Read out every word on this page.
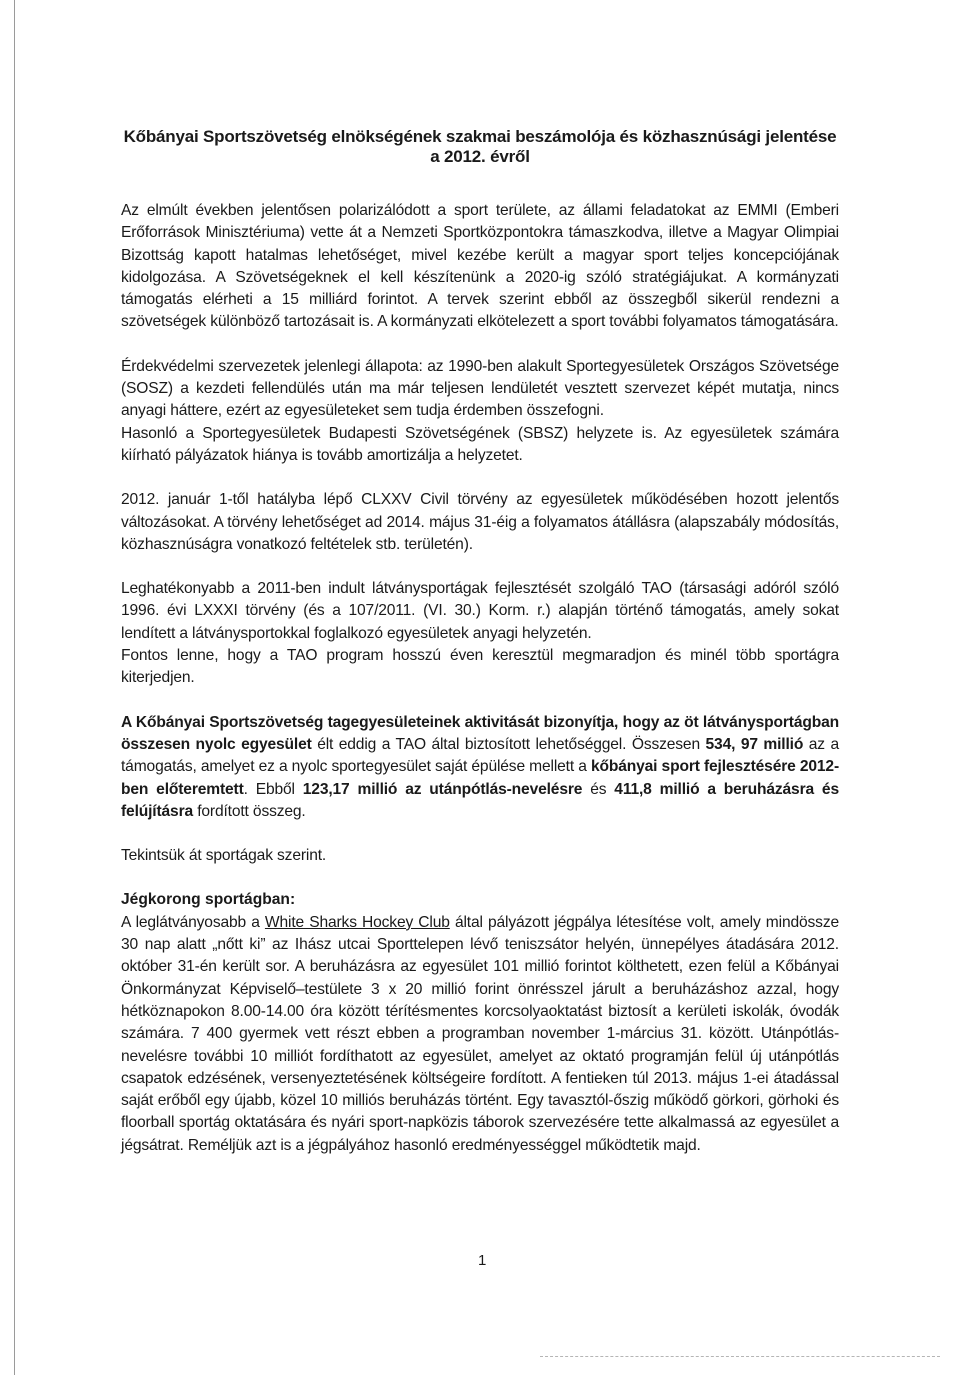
Kőbányai Sportszövetség elnökségének szakmai beszámolója és közhasznúsági jelentése a 2012. évről

Az elmúlt években jelentősen polarizálódott a sport területe, az állami feladatokat az EMMI (Emberi Erőforrások Minisztériuma) vette át a Nemzeti Sportközpontokra támaszkodva, illetve a Magyar Olimpiai Bizottság kapott hatalmas lehetőséget, mivel kezébe került a magyar sport teljes koncepciójának kidolgozása. A Szövetségeknek el kell készítenünk a 2020-ig szóló stratégiájukat. A kormányzati támogatás elérheti a 15 milliárd forintot. A tervek szerint ebből az összegből sikerül rendezni a szövetségek különböző tartozásait is. A kormányzati elkötelezett a sport további folyamatos támogatására.

Érdekvédelmi szervezetek jelenlegi állapota: az 1990-ben alakult Sportegyesületek Országos Szövetsége (SOSZ) a kezdeti fellendülés után ma már teljesen lendületét vesztett szervezet képét mutatja, nincs anyagi háttere, ezért az egyesületeket sem tudja érdemben összefogni.

Hasonló a Sportegyesületek Budapesti Szövetségének (SBSZ) helyzete is. Az egyesületek számára kiírható pályázatok hiánya is tovább amortizálja a helyzetet.

2012. január 1-től hatályba lépő CLXXV Civil törvény az egyesületek működésében hozott jelentős változásokat. A törvény lehetőséget ad 2014. május 31-éig a folyamatos átállásra (alapszabály módosítás, közhasznúságra vonatkozó feltételek stb. területén).

Leghatékonyabb a 2011-ben indult látványsportágak fejlesztését szolgáló TAO (társasági adóról szóló 1996. évi LXXXI törvény (és a 107/2011. (VI. 30.) Korm. r.) alapján történő támogatás, amely sokat lendített a látványsportokkal foglalkozó egyesületek anyagi helyzetén.

Fontos lenne, hogy a TAO program hosszú éven keresztül megmaradjon és minél több sportágra kiterjedjen.

A Kőbányai Sportszövetség tagegyesületeinek aktivitását bizonyítja, hogy az öt látványsportágban összesen nyolc egyesület élt eddig a TAO által biztosított lehetőséggel. Összesen 534, 97 millió az a támogatás, amelyet ez a nyolc sportegyesület saját épülése mellett a kőbányai sport fejlesztésére 2012-ben előteremtett. Ebből 123,17 millió az utánpótlás-nevelésre és 411,8 millió a beruházásra és felújításra fordított összeg.

Tekintsük át sportágak szerint.

Jégkorong sportágban:

A leglátványosabb a White Sharks Hockey Club által pályázott jégpálya létesítése volt, amely mindössze 30 nap alatt „nőtt ki” az Ihász utcai Sporttelepen lévő teniszsátor helyén, ünnepélyes átadására 2012. október 31-én került sor. A beruházásra az egyesület 101 millió forintot költhetett, ezen felül a Kőbányai Önkormányzat Képviselő–testülete 3 x 20 millió forint önrésszel járult a beruházáshoz azzal, hogy hétköznapokon 8.00-14.00 óra között térítésmentes korcsolyaoktatást biztosít a kerületi iskolák, óvodák számára. 7 400 gyermek vett részt ebben a programban november 1-március 31. között. Utánpótlás-nevelésre további 10 milliót fordíthatott az egyesület, amelyet az oktató programján felül új utánpótlás csapatok edzésének, versenyeztetésének költségeire fordított. A fentieken túl 2013. május 1-ei átadással saját erőből egy újabb, közel 10 milliós beruházás történt. Egy tavasztól-őszig működő görkori, görhoki és floorball sportág oktatására és nyári sport-napközis táborok szervezésére tette alkalmassá az egyesület a jégsátrat. Reméljük azt is a jégpályához hasonló eredményességgel működtetik majd.

1
